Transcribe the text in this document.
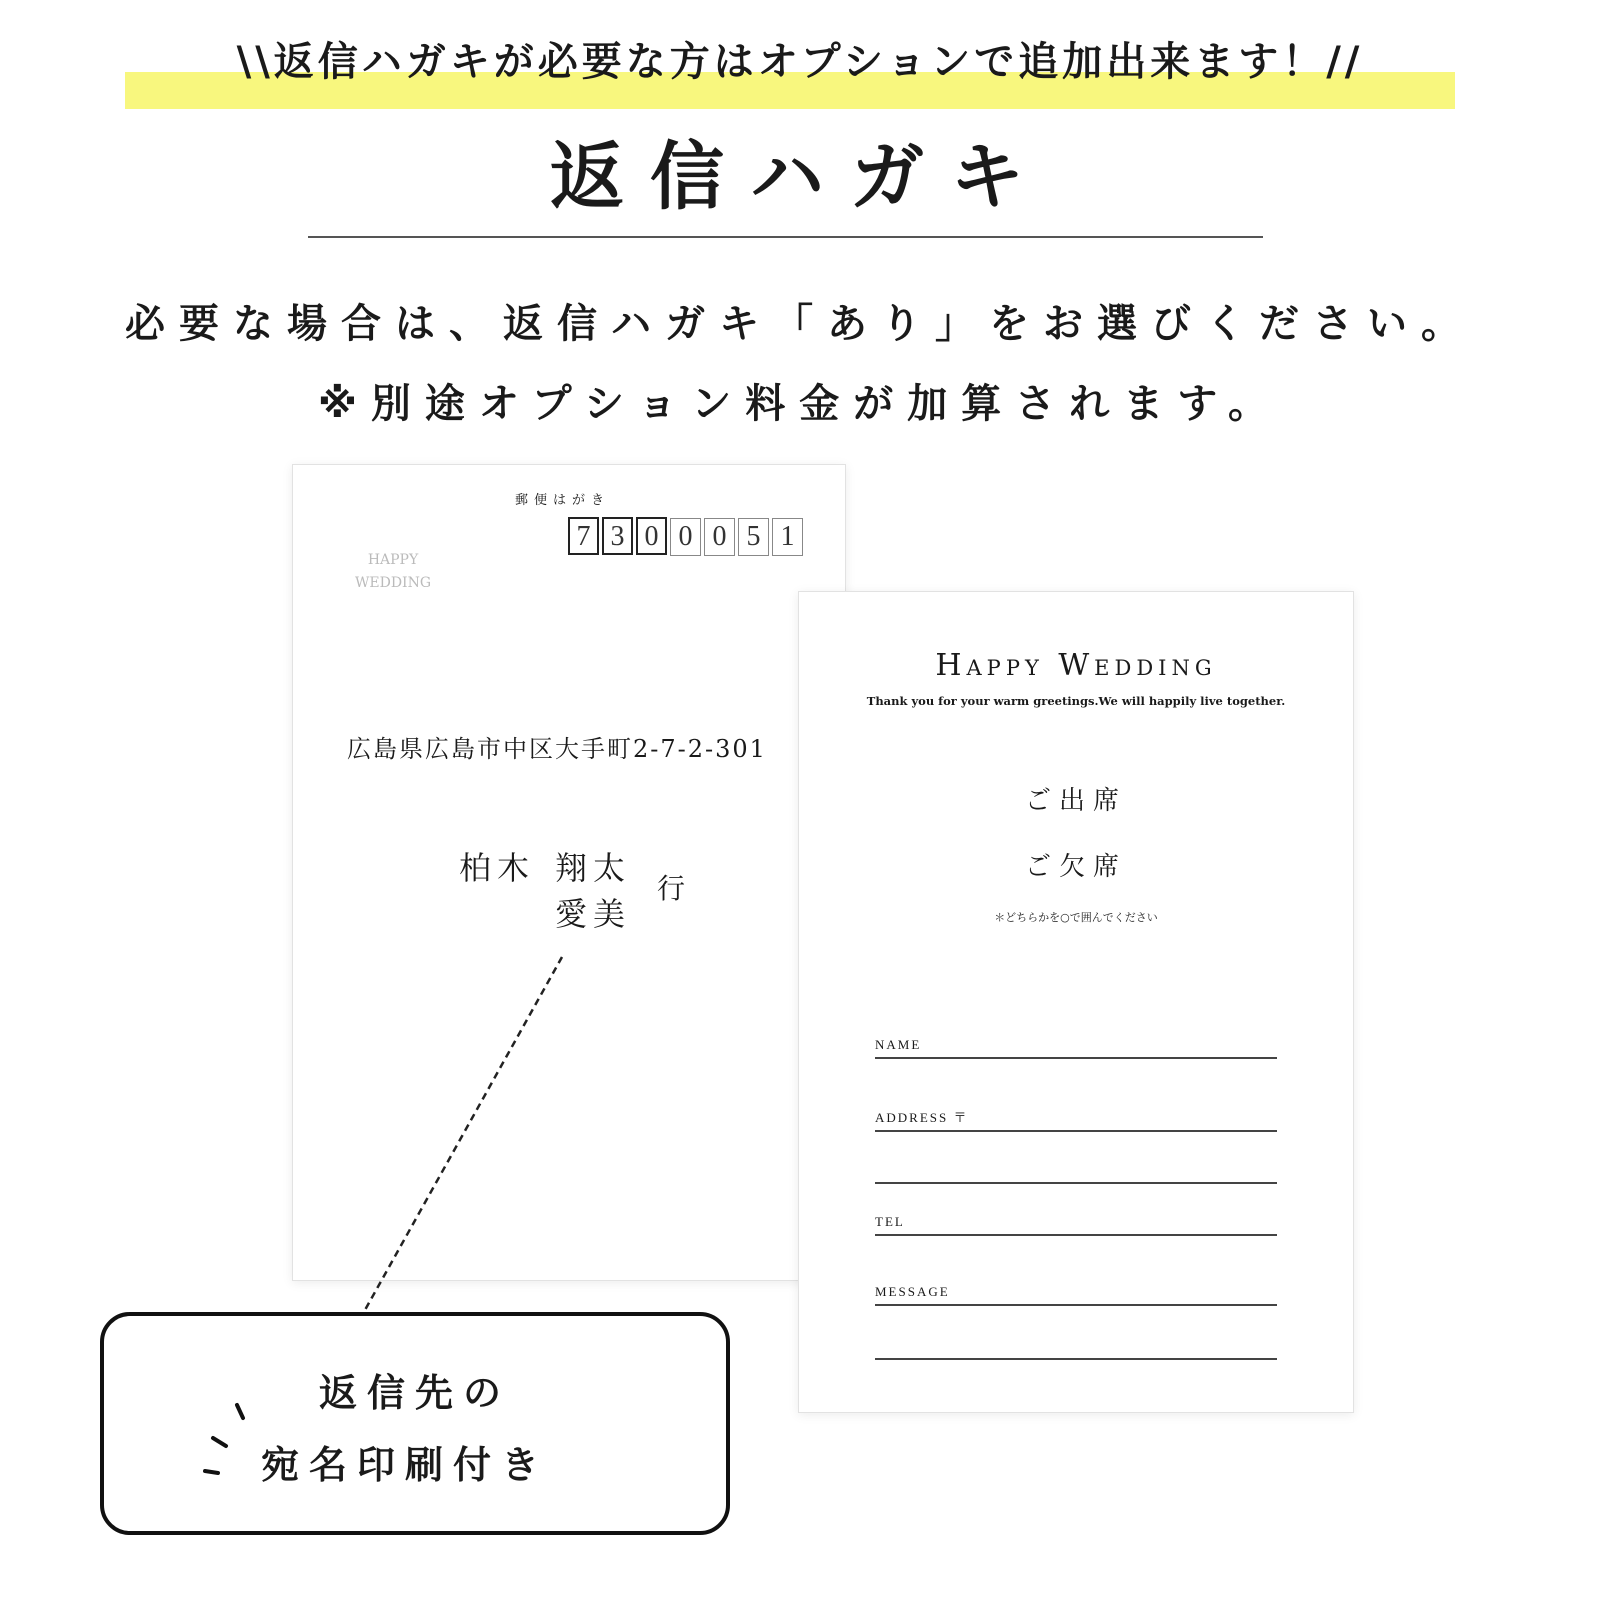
\\返信ハガキが必要な方はオプションで追加出来ます！//
返信ハガキ
必要な場合は、返信ハガキ「あり」をお選びください。
※別途オプション料金が加算されます。
郵便はがき
7 3 0 0 0 5 1
HAPPY
WEDDING
広島県広島市中区大手町2-7-2-301
柏木 翔太
愛美
行
Happy Wedding
Thank you for your warm greetings.We will happily live together.
ご出席
ご欠席
＊どちらかを○で囲んでください
NAME
ADDRESS 〒
TEL
MESSAGE
返信先の
宛名印刷付き
